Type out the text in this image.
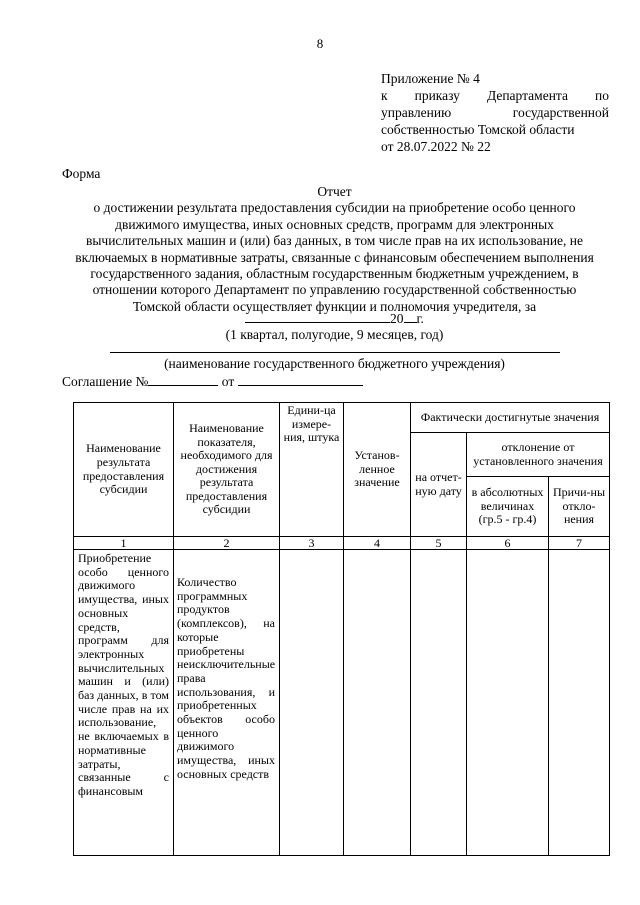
8
Приложение № 4
к приказу Департамента по
управлению государственной
собственностью Томской области
от 28.07.2022 № 22
Форма
Отчет
о достижении результата предоставления субсидии на приобретение особо ценного
движимого имущества, иных основных средств, программ для электронных
вычислительных машин и (или) баз данных, в том числе прав на их использование, не
включаемых в нормативные затраты, связанные с финансовым обеспечением выполнения
государственного задания, областным государственным бюджетным учреждением, в
отношении которого Департамент по управлению государственной собственностью
Томской области осуществляет функции и полномочия учредителя, за
20 г.
(1 квартал, полугодие, 9 месяцев, год)
(наименование государственного бюджетного учреждения)
Соглашение №	от
Наименование результата предоставления субсидии	Наименование показателя, необходимого для достижения результата предоставления субсидии	Едини-ца измере-ния, штука	Установ-ленное значение	Фактически достигнутые значения		
				на отчет-ную дату	отклонение от установленного значения	
					в абсолютных величинах (гр.5 - гр.4)	Причи-ны откло-нения
1	2	3	4	5	6	7

Приобретение особо ценного движимого имущества, иных основных средств, программ для электронных вычислительных машин и (или) баз данных, в том числе прав на их использование, не включаемых в нормативные затраты, связанные с финансовым	Количество программных продуктов (комплексов), на которые приобретены неисключительные права использования, и приобретенных объектов особо ценного движимого имущества, иных основных средств					
